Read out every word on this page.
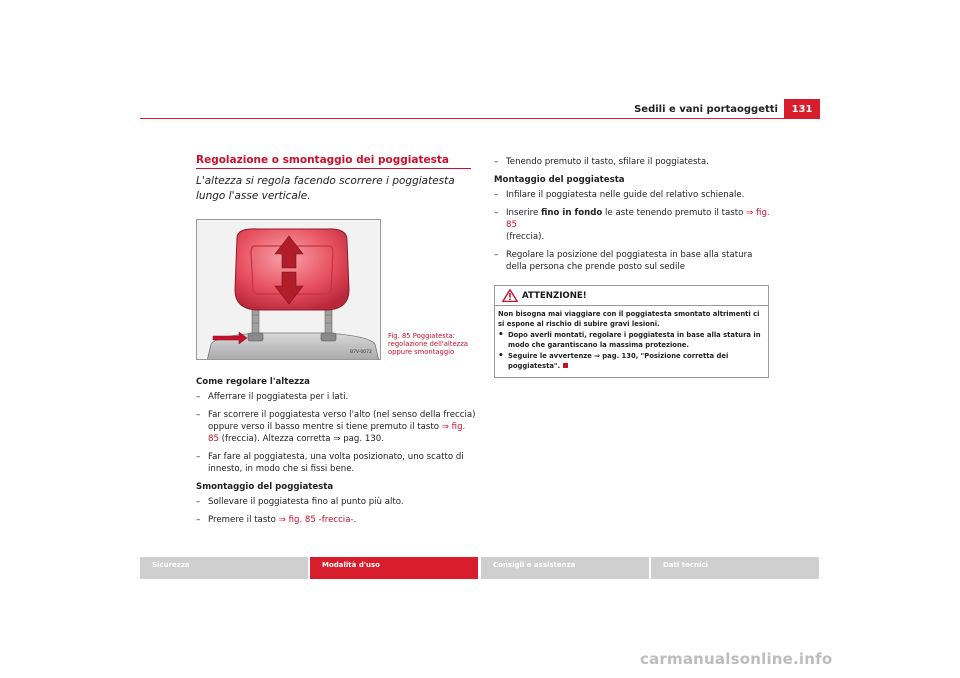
Sedili e vani portaoggetti	131
Regolazione o smontaggio dei poggiatesta
L'altezza si regola facendo scorrere i poggiatesta lungo l'asse verticale.
B7V-0072
Fig. 85 Poggiatesta: regolazione dell'altezza oppure smontaggio
Come regolare l'altezza
– Afferrare il poggiatesta per i lati.
– Far scorrere il poggiatesta verso l'alto (nel senso della freccia) oppure verso il basso mentre si tiene premuto il tasto ⇒ fig. 85 (freccia). Altezza corretta ⇒ pag. 130.
– Far fare al poggiatesta, una volta posizionato, uno scatto di innesto, in modo che si fissi bene.
Smontaggio del poggiatesta
– Sollevare il poggiatesta fino al punto più alto.
– Premere il tasto ⇒ fig. 85 -freccia-.
– Tenendo premuto il tasto, sfilare il poggiatesta.
Montaggio del poggiatesta
– Infilare il poggiatesta nelle guide del relativo schienale.
– Inserire fino in fondo le aste tenendo premuto il tasto ⇒ fig. 85
(freccia).
– Regolare la posizione del poggiatesta in base alla statura della persona che prende posto sul sedile
ATTENZIONE!
Non bisogna mai viaggiare con il poggiatesta smontato altrimenti ci si espone al rischio di subire gravi lesioni.
• Dopo averli montati, regolare i poggiatesta in base alla statura in modo che garantiscano la massima protezione.
• Seguire le avvertenze ⇒ pag. 130, "Posizione corretta dei poggiatesta".
Sicurezza	Modalità d'uso	Consigli e assistenza	Dati tecnici
carmanualsonline.info
